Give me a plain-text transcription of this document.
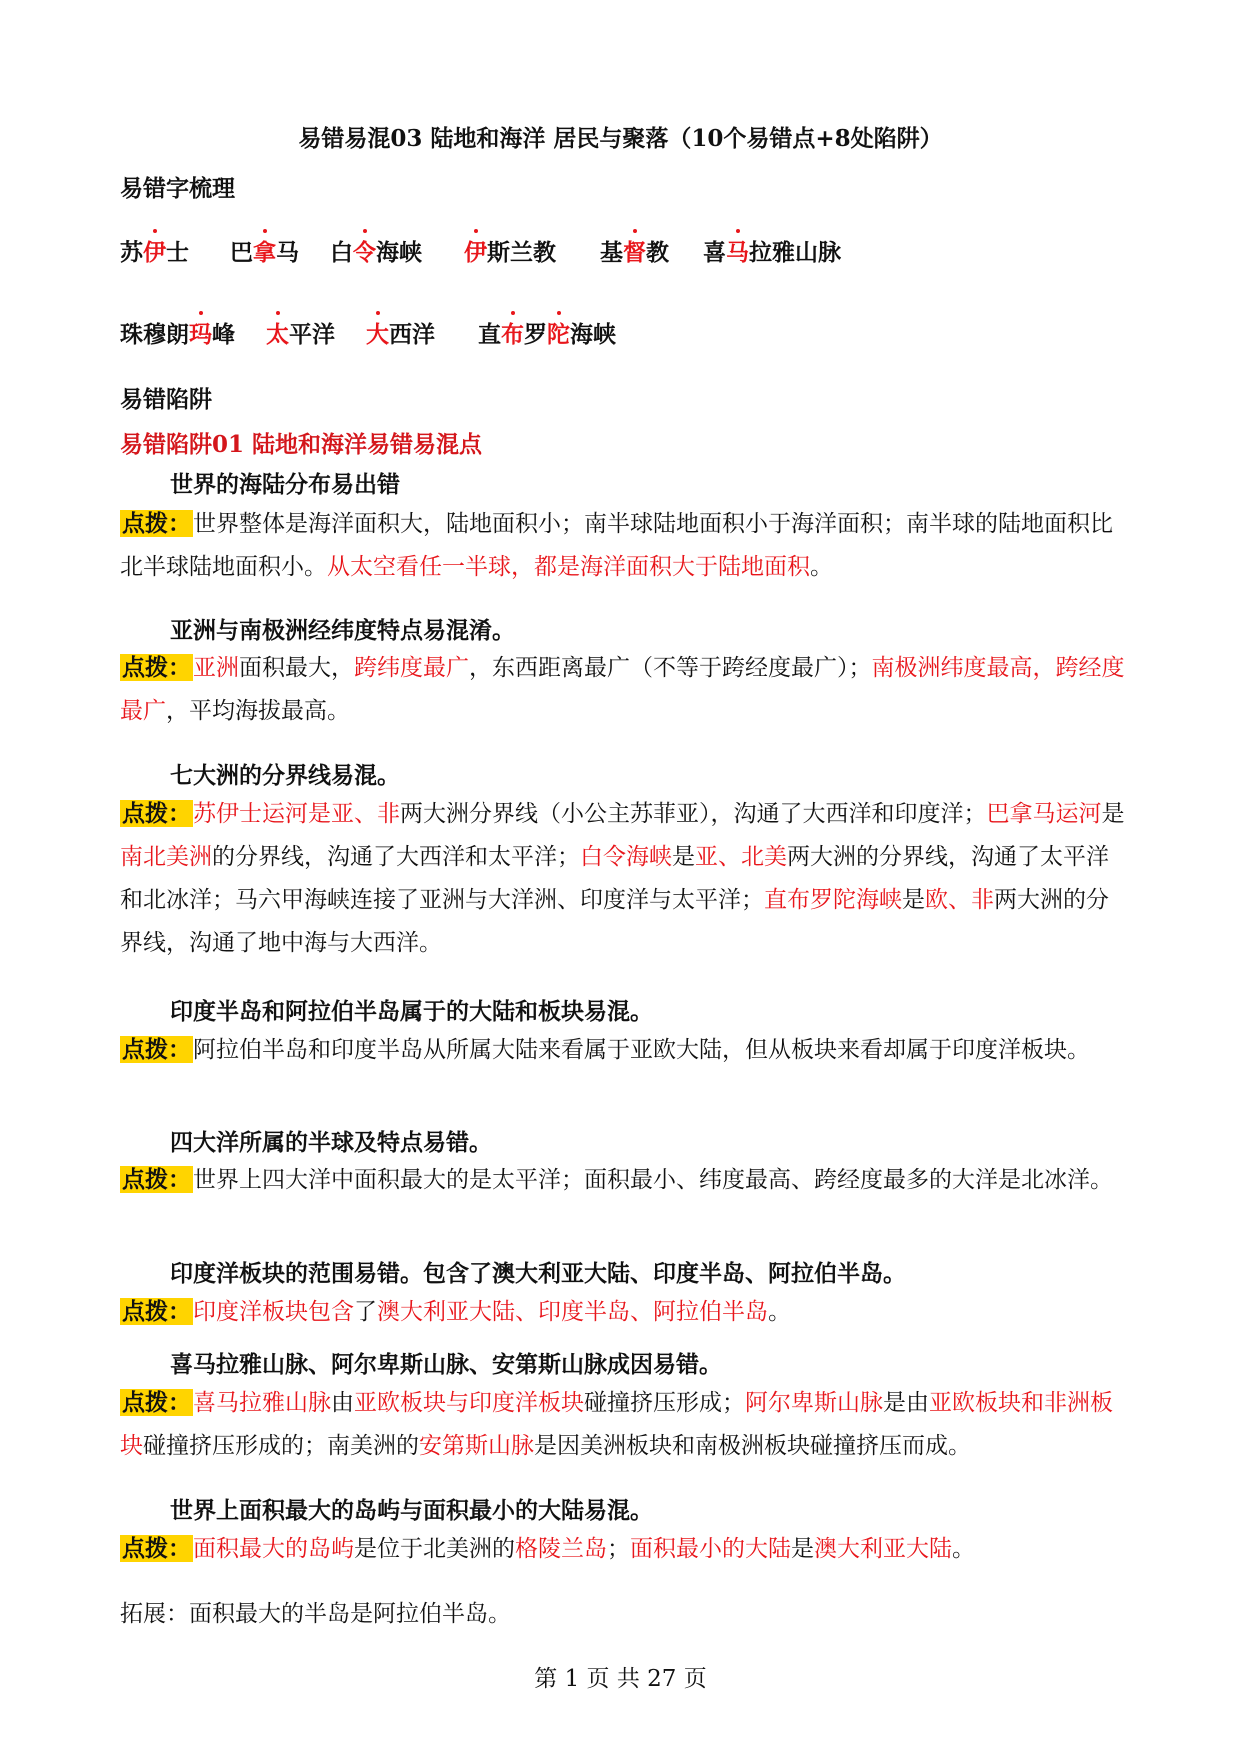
易错易混03 陆地和海洋 居民与聚落（10个易错点+8处陷阱）
易错字梳理
苏伊士 巴拿马 白令海峡 伊斯兰教 基督教 喜马拉雅山脉
珠穆朗玛峰 太平洋 大西洋 直布罗陀海峡
易错陷阱
易错陷阱01 陆地和海洋易错易混点
世界的海陆分布易出错
点拨：世界整体是海洋面积大，陆地面积小；南半球陆地面积小于海洋面积；南半球的陆地面积比北半球陆地面积小。从太空看任一半球，都是海洋面积大于陆地面积。
亚洲与南极洲经纬度特点易混淆。
点拨：亚洲面积最大，跨纬度最广，东西距离最广（不等于跨经度最广）；南极洲纬度最高，跨经度最广，平均海拔最高。
七大洲的分界线易混。
点拨：苏伊士运河是亚、非两大洲分界线（小公主苏菲亚），沟通了大西洋和印度洋；巴拿马运河是南北美洲的分界线，沟通了大西洋和太平洋；白令海峡是亚、北美两大洲的分界线，沟通了太平洋和北冰洋；马六甲海峡连接了亚洲与大洋洲、印度洋与太平洋；直布罗陀海峡是欧、非两大洲的分界线，沟通了地中海与大西洋。
印度半岛和阿拉伯半岛属于的大陆和板块易混。
点拨：阿拉伯半岛和印度半岛从所属大陆来看属于亚欧大陆，但从板块来看却属于印度洋板块。
四大洋所属的半球及特点易错。
点拨：世界上四大洋中面积最大的是太平洋；面积最小、纬度最高、跨经度最多的大洋是北冰洋。
印度洋板块的范围易错。包含了澳大利亚大陆、印度半岛、阿拉伯半岛。
点拨：印度洋板块包含了澳大利亚大陆、印度半岛、阿拉伯半岛。
喜马拉雅山脉、阿尔卑斯山脉、安第斯山脉成因易错。
点拨：喜马拉雅山脉由亚欧板块与印度洋板块碰撞挤压形成；阿尔卑斯山脉是由亚欧板块和非洲板块碰撞挤压形成的；南美洲的安第斯山脉是因美洲板块和南极洲板块碰撞挤压而成。
世界上面积最大的岛屿与面积最小的大陆易混。
点拨：面积最大的岛屿是位于北美洲的格陵兰岛；面积最小的大陆是澳大利亚大陆。
拓展：面积最大的半岛是阿拉伯半岛。
第 1 页 共 27 页
